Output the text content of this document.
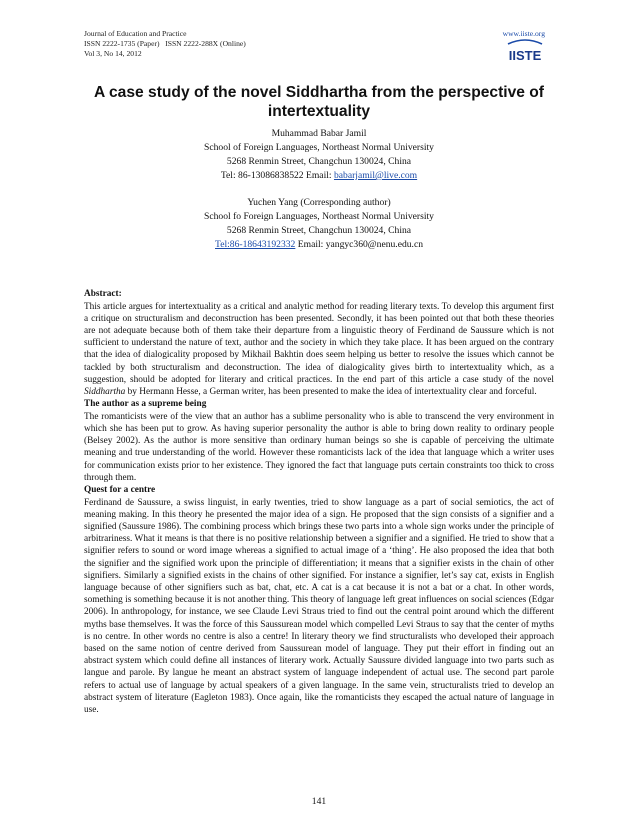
Journal of Education and Practice
ISSN 2222-1735 (Paper)   ISSN 2222-288X (Online)
Vol 3, No 14, 2012
www.iiste.org
IISTE
A case study of the novel Siddhartha from the perspective of intertextuality
Muhammad Babar Jamil
School of Foreign Languages, Northeast Normal University
5268 Renmin Street, Changchun 130024, China
Tel: 86-13086838522 Email: babarjamil@live.com
Yuchen Yang (Corresponding author)
School fo Foreign Languages, Northeast Normal University
5268 Renmin Street, Changchun 130024, China
Tel:86-18643192332 Email: yangyc360@nenu.edu.cn
Abstract:

This article argues for intertextuality as a critical and analytic method for reading literary texts. To develop this argument first a critique on structuralism and deconstruction has been presented. Secondly, it has been pointed out that both these theories are not adequate because both of them take their departure from a linguistic theory of Ferdinand de Saussure which is not sufficient to understand the nature of text, author and the society in which they take place. It has been argued on the contrary that the idea of dialogicality proposed by Mikhail Bakhtin does seem helping us better to resolve the issues which cannot be tackled by both structuralism and deconstruction. The idea of dialogicality gives birth to intertextuality which, as a suggestion, should be adopted for literary and critical practices. In the end part of this article a case study of the novel Siddhartha by Hermann Hesse, a German writer, has been presented to make the idea of intertextuality clear and forceful.

The author as a supreme being

The romanticists were of the view that an author has a sublime personality who is able to transcend the very environment in which she has been put to grow. As having superior personality the author is able to bring down reality to ordinary people (Belsey 2002). As the author is more sensitive than ordinary human beings so she is capable of perceiving the ultimate meaning and true understanding of the world. However these romanticists lack of the idea that language which a writer uses for communication exists prior to her existence. They ignored the fact that language puts certain constraints too thick to cross through them.

Quest for a centre

Ferdinand de Saussure, a swiss linguist, in early twenties, tried to show language as a part of social semiotics, the act of meaning making. In this theory he presented the major idea of a sign. He proposed that the sign consists of a signifier and a signified (Saussure 1986). The combining process which brings these two parts into a whole sign works under the principle of arbitrariness. What it means is that there is no positive relationship between a signifier and a signified. He tried to show that a signifier refers to sound or word image whereas a signified to actual image of a ‘thing’. He also proposed the idea that both the signifier and the signified work upon the principle of differentiation; it means that a signifier exists in the chain of other signifiers. Similarly a signified exists in the chains of other signified. For instance a signifier, let’s say cat, exists in English language because of other signifiers such as bat, chat, etc. A cat is a cat because it is not a bat or a chat. In other words, something is something because it is not another thing. This theory of language left great influences on social sciences (Edgar 2006). In anthropology, for instance, we see Claude Levi Straus tried to find out the central point around which the different myths base themselves. It was the force of this Saussurean model which compelled Levi Straus to say that the center of myths is no centre. In other words no centre is also a centre! In literary theory we find structuralists who developed their approach based on the same notion of centre derived from Saussurean model of language. They put their effort in finding out an abstract system which could define all instances of literary work. Actually Saussure divided language into two parts such as langue and parole. By langue he meant an abstract system of language independent of actual use. The second part parole refers to actual use of language by actual speakers of a given language. In the same vein, structuralists tried to develop an abstract system of literature (Eagleton 1983). Once again, like the romanticists they escaped the actual nature of language in use.

141
